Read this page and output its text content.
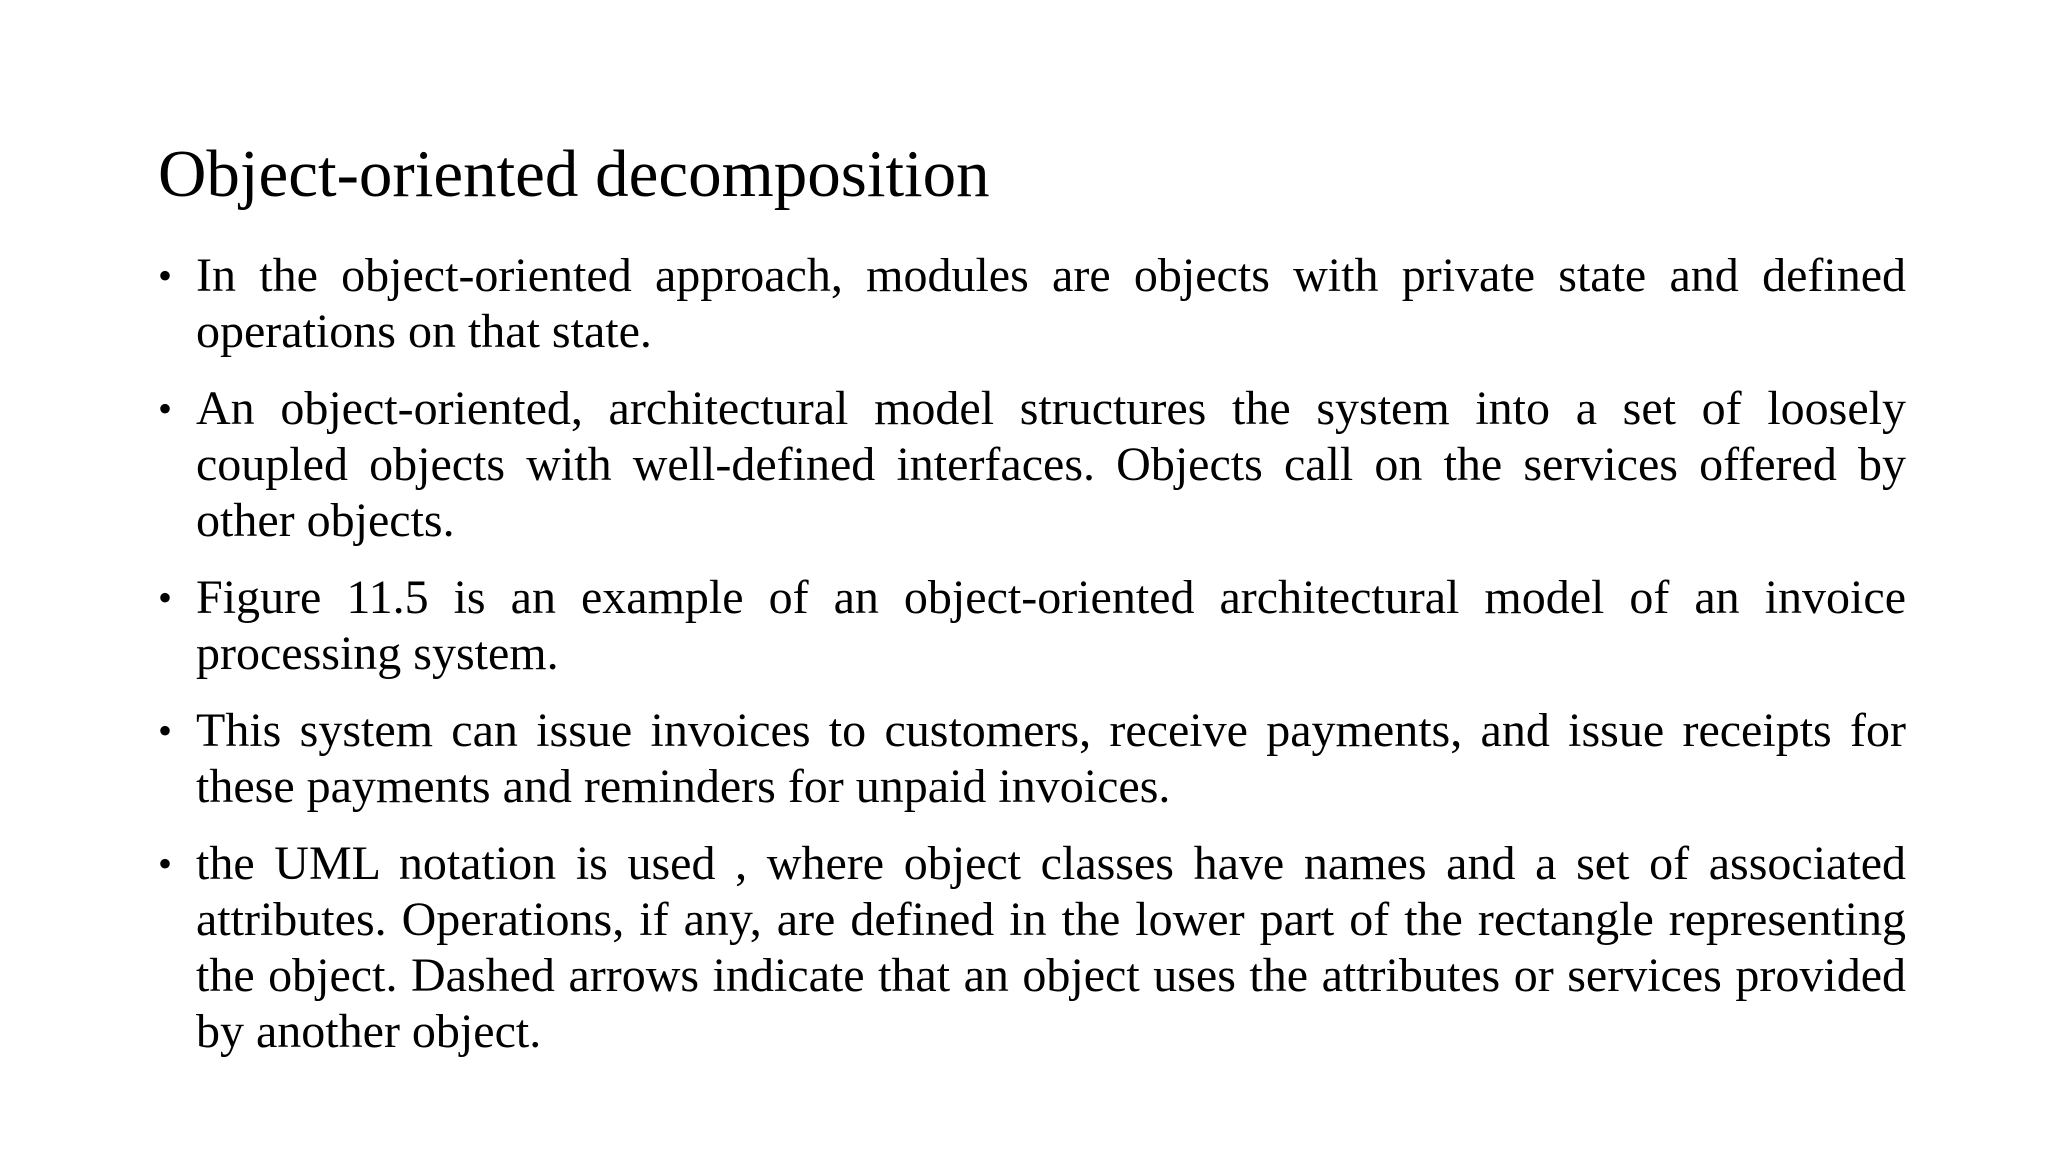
Object-oriented decomposition
• In the object-oriented approach, modules are objects with private state and defined operations on that state.
• An object-oriented, architectural model structures the system into a set of loosely coupled objects with well-defined interfaces. Objects call on the services offered by other objects.
• Figure 11.5 is an example of an object-oriented architectural model of an invoice processing system.
• This system can issue invoices to customers, receive payments, and issue receipts for these payments and reminders for unpaid invoices.
• the UML notation is used , where object classes have names and a set of associated attributes. Operations, if any, are defined in the lower part of the rectangle representing the object. Dashed arrows indicate that an object uses the attributes or services provided by another object.
